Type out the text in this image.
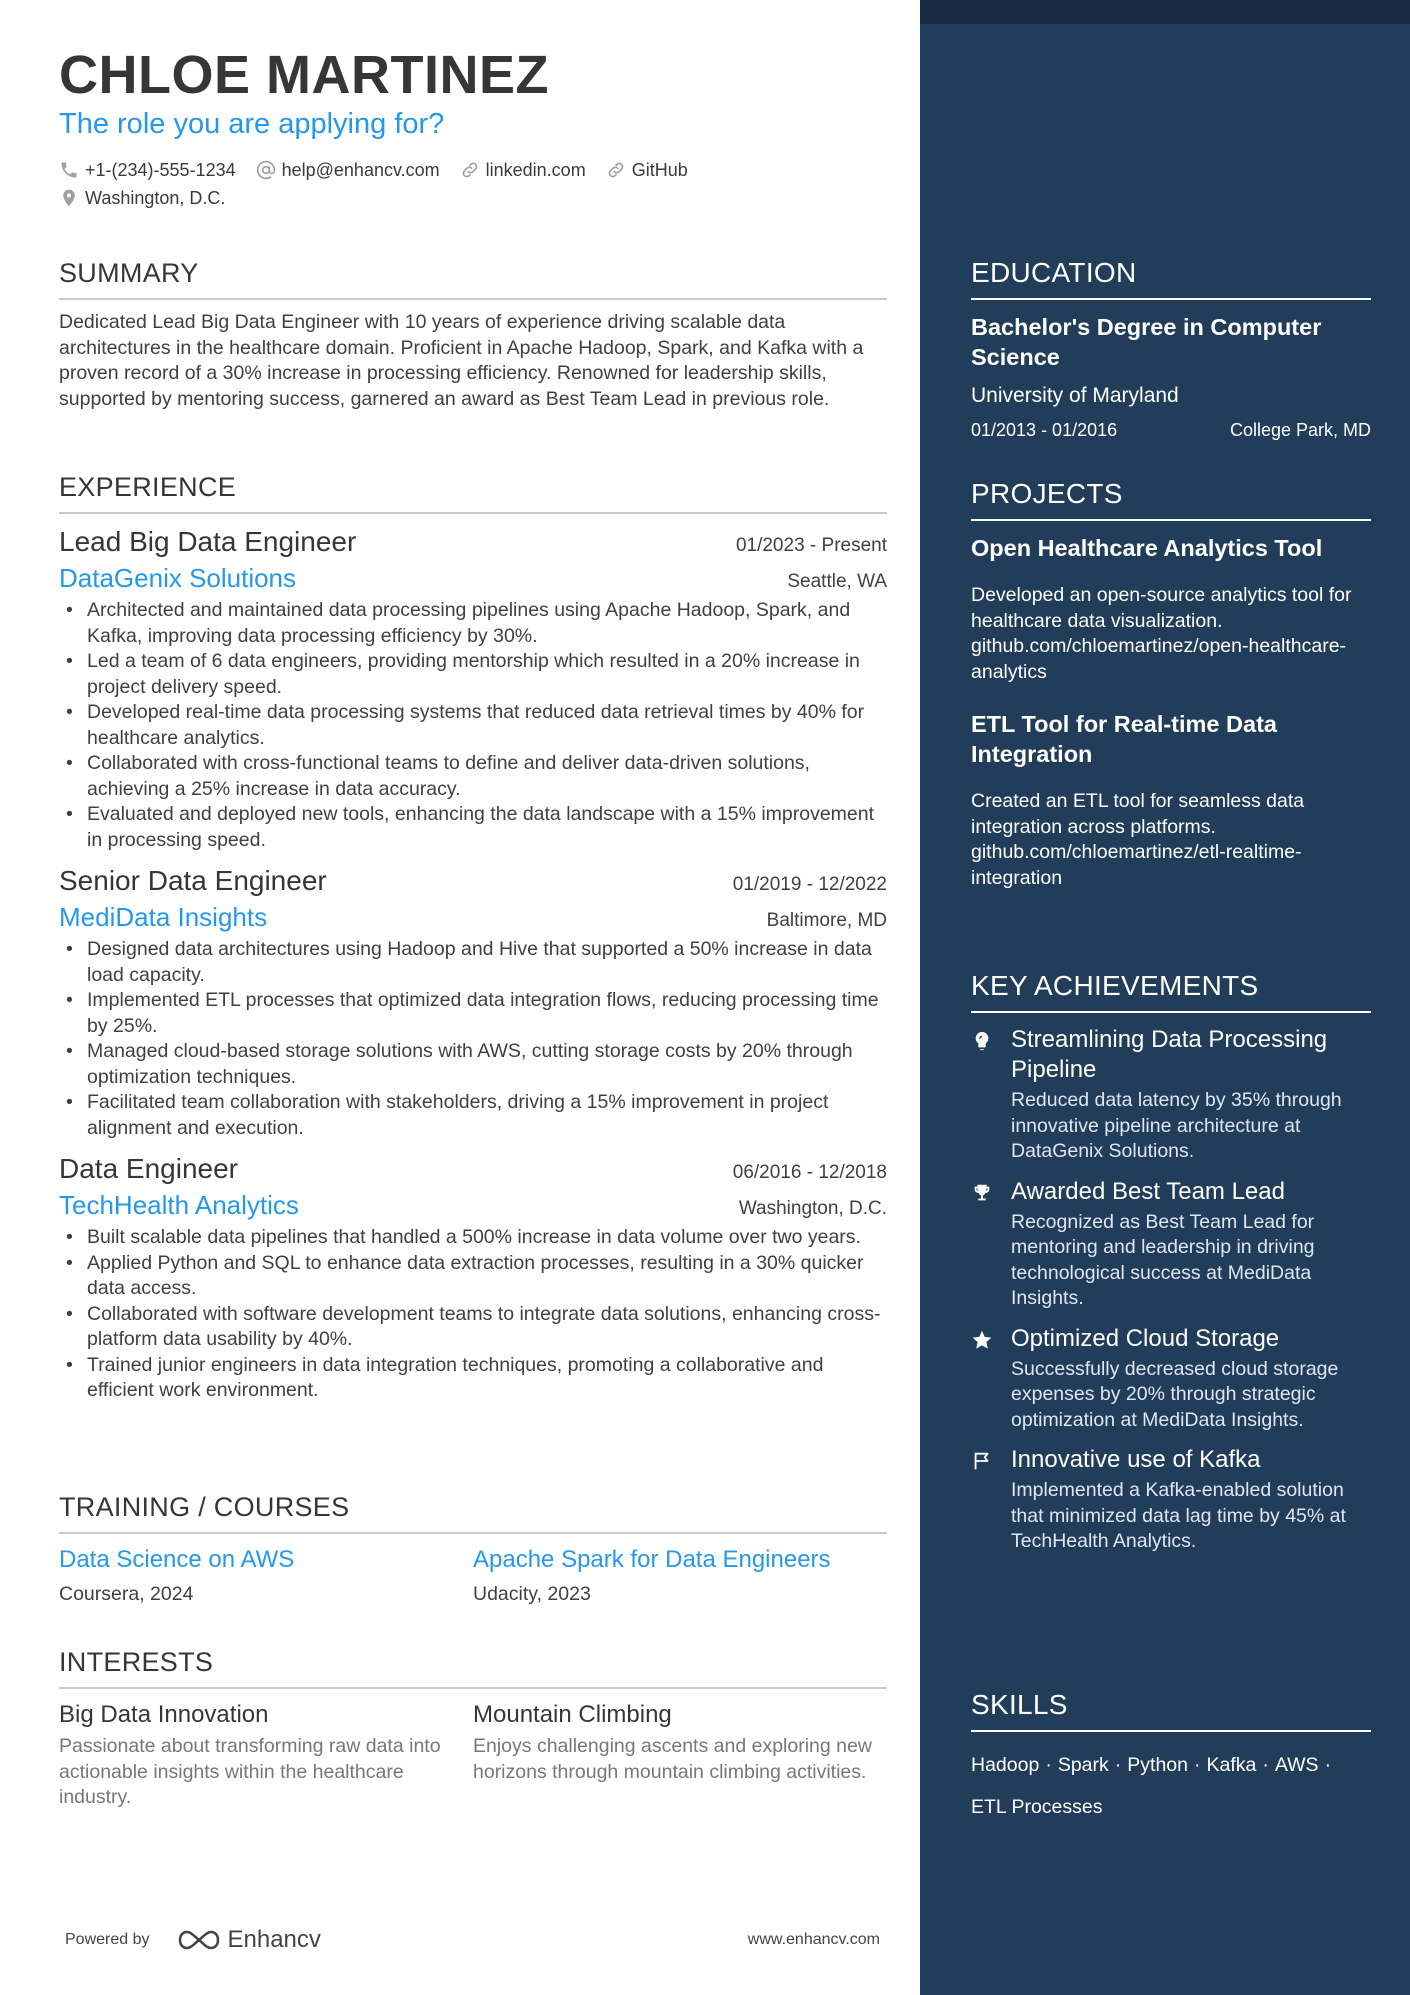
CHLOE MARTINEZ
The role you are applying for?
+1-(234)-555-1234	help@enhancv.com	linkedin.com	GitHub
Washington, D.C.
SUMMARY
Dedicated Lead Big Data Engineer with 10 years of experience driving scalable data architectures in the healthcare domain. Proficient in Apache Hadoop, Spark, and Kafka with a proven record of a 30% increase in processing efficiency. Renowned for leadership skills, supported by mentoring success, garnered an award as Best Team Lead in previous role.
EXPERIENCE
Lead Big Data Engineer	01/2023 - Present
DataGenix Solutions	Seattle, WA
• Architected and maintained data processing pipelines using Apache Hadoop, Spark, and Kafka, improving data processing efficiency by 30%.
• Led a team of 6 data engineers, providing mentorship which resulted in a 20% increase in project delivery speed.
• Developed real-time data processing systems that reduced data retrieval times by 40% for healthcare analytics.
• Collaborated with cross-functional teams to define and deliver data-driven solutions, achieving a 25% increase in data accuracy.
• Evaluated and deployed new tools, enhancing the data landscape with a 15% improvement in processing speed.
Senior Data Engineer	01/2019 - 12/2022
MediData Insights	Baltimore, MD
• Designed data architectures using Hadoop and Hive that supported a 50% increase in data load capacity.
• Implemented ETL processes that optimized data integration flows, reducing processing time by 25%.
• Managed cloud-based storage solutions with AWS, cutting storage costs by 20% through optimization techniques.
• Facilitated team collaboration with stakeholders, driving a 15% improvement in project alignment and execution.
Data Engineer	06/2016 - 12/2018
TechHealth Analytics	Washington, D.C.
• Built scalable data pipelines that handled a 500% increase in data volume over two years.
• Applied Python and SQL to enhance data extraction processes, resulting in a 30% quicker data access.
• Collaborated with software development teams to integrate data solutions, enhancing cross-platform data usability by 40%.
• Trained junior engineers in data integration techniques, promoting a collaborative and efficient work environment.
TRAINING / COURSES
Data Science on AWS
Coursera, 2024
Apache Spark for Data Engineers
Udacity, 2023
INTERESTS
Big Data Innovation
Passionate about transforming raw data into actionable insights within the healthcare industry.
Mountain Climbing
Enjoys challenging ascents and exploring new horizons through mountain climbing activities.
Powered by	Enhancv	www.enhancv.com
EDUCATION
Bachelor's Degree in Computer Science
University of Maryland
01/2013 - 01/2016	College Park, MD
PROJECTS
Open Healthcare Analytics Tool
Developed an open-source analytics tool for healthcare data visualization. github.com/chloemartinez/open-healthcare-analytics
ETL Tool for Real-time Data Integration
Created an ETL tool for seamless data integration across platforms. github.com/chloemartinez/etl-realtime-integration
KEY ACHIEVEMENTS
Streamlining Data Processing Pipeline
Reduced data latency by 35% through innovative pipeline architecture at DataGenix Solutions.
Awarded Best Team Lead
Recognized as Best Team Lead for mentoring and leadership in driving technological success at MediData Insights.
Optimized Cloud Storage
Successfully decreased cloud storage expenses by 20% through strategic optimization at MediData Insights.
Innovative use of Kafka
Implemented a Kafka-enabled solution that minimized data lag time by 45% at TechHealth Analytics.
SKILLS
Hadoop · Spark · Python · Kafka · AWS ·
ETL Processes
